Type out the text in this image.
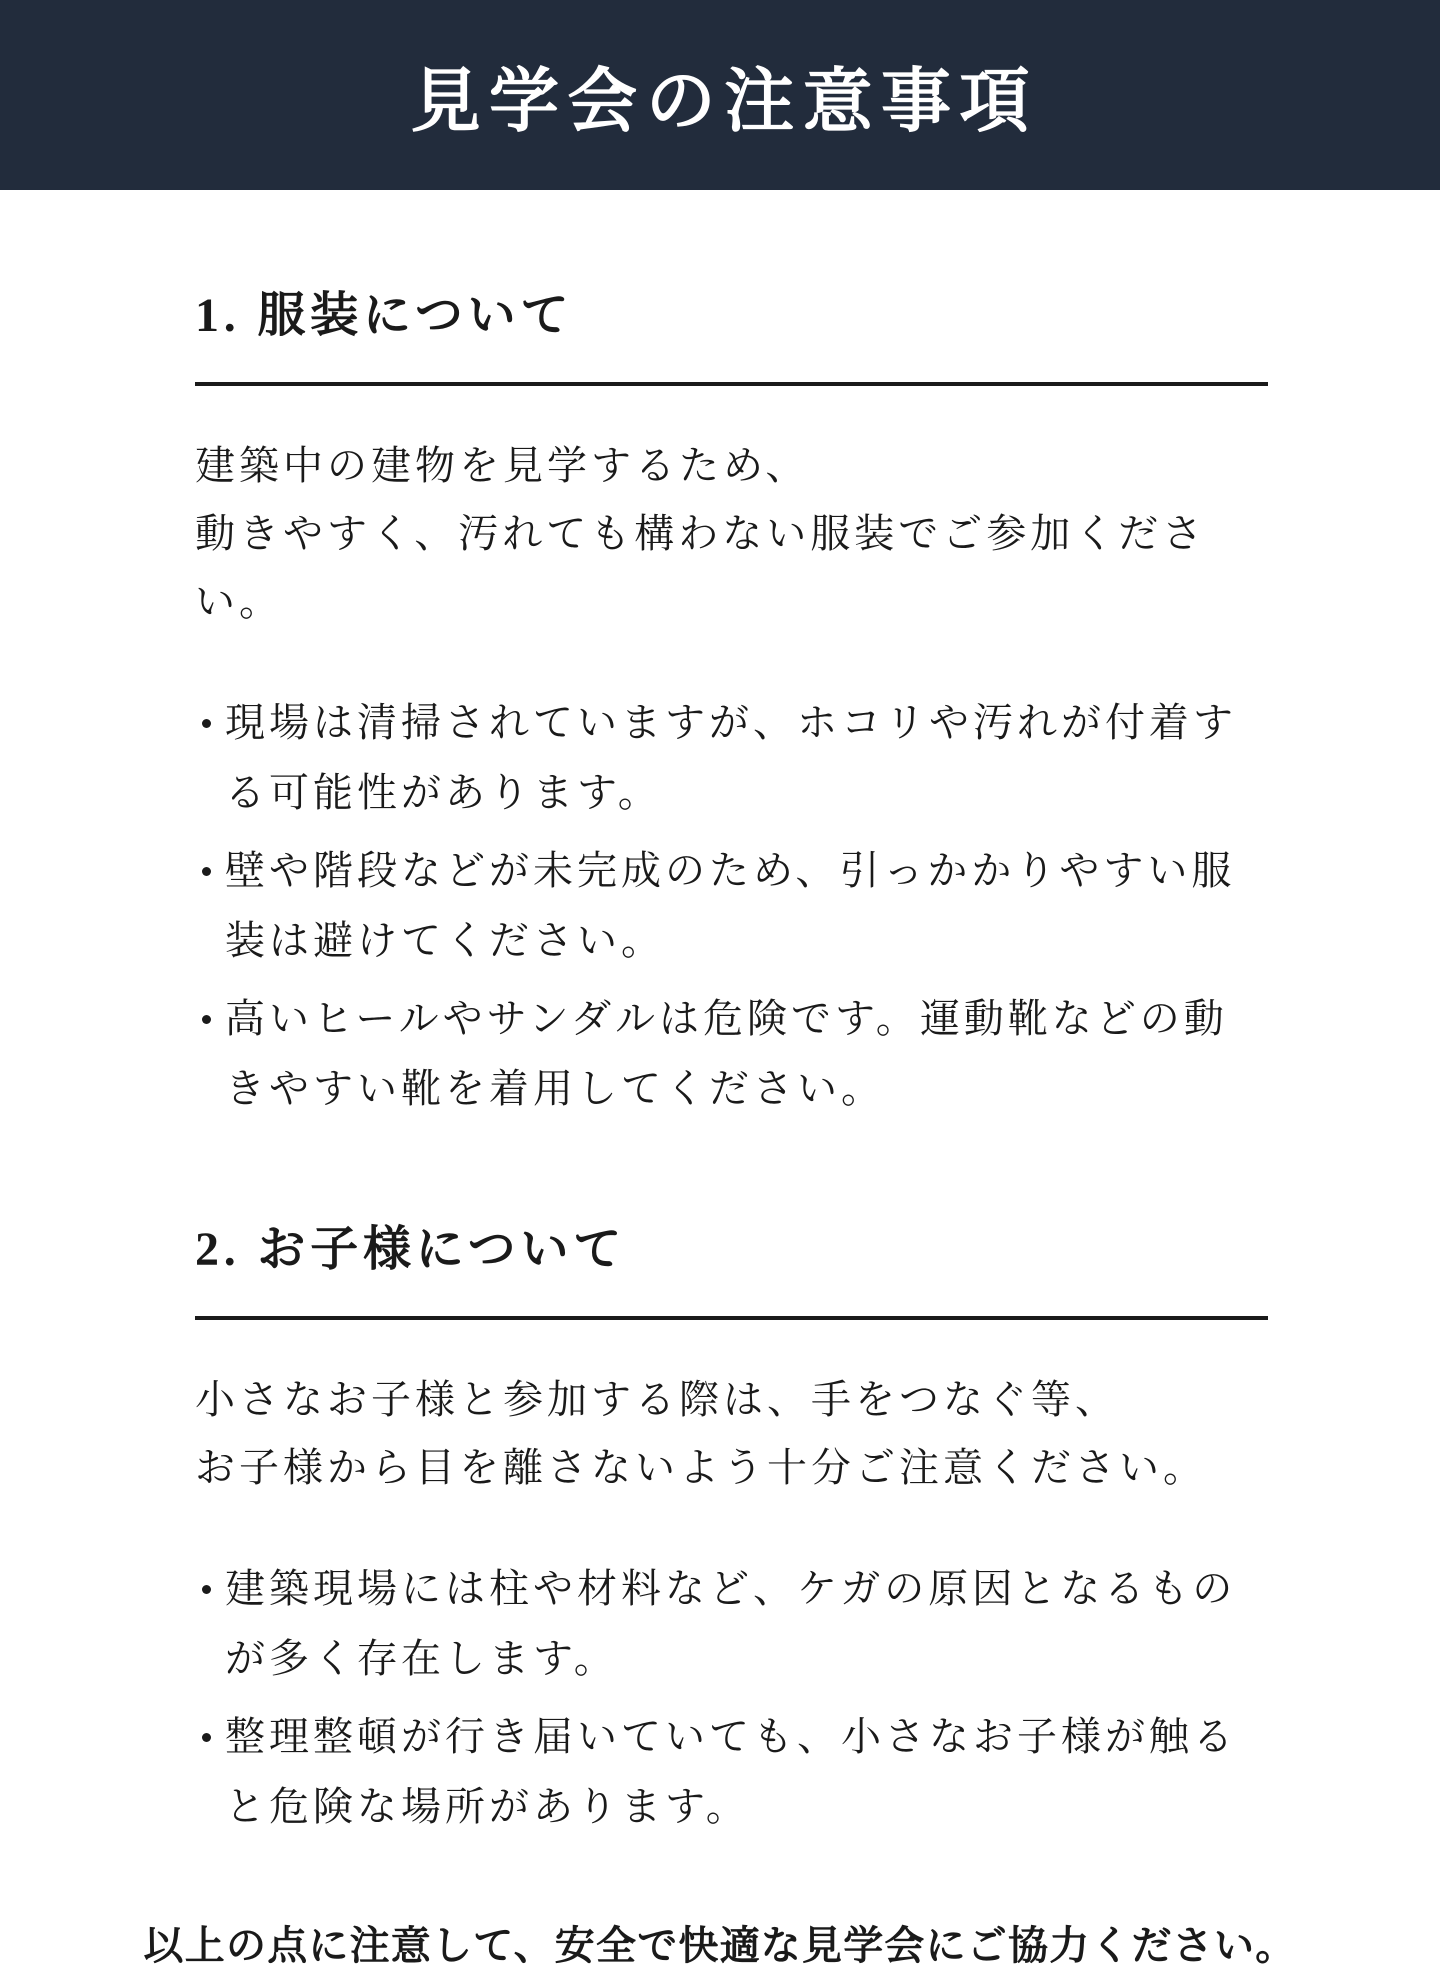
見学会の注意事項
1. 服装について

建築中の建物を見学するため、
動きやすく、汚れても構わない服装でご参加ください。

現場は清掃されていますが、ホコリや汚れが付着する可能性があります。
壁や階段などが未完成のため、引っかかりやすい服装は避けてください。
高いヒールやサンダルは危険です。運動靴などの動きやすい靴を着用してください。
2. お子様について

小さなお子様と参加する際は、手をつなぐ等、
お子様から目を離さないよう十分ご注意ください。

建築現場には柱や材料など、ケガの原因となるものが多く存在します。
整理整頓が行き届いていても、小さなお子様が触ると危険な場所があります。
以上の点に注意して、安全で快適な見学会にご協力ください。
